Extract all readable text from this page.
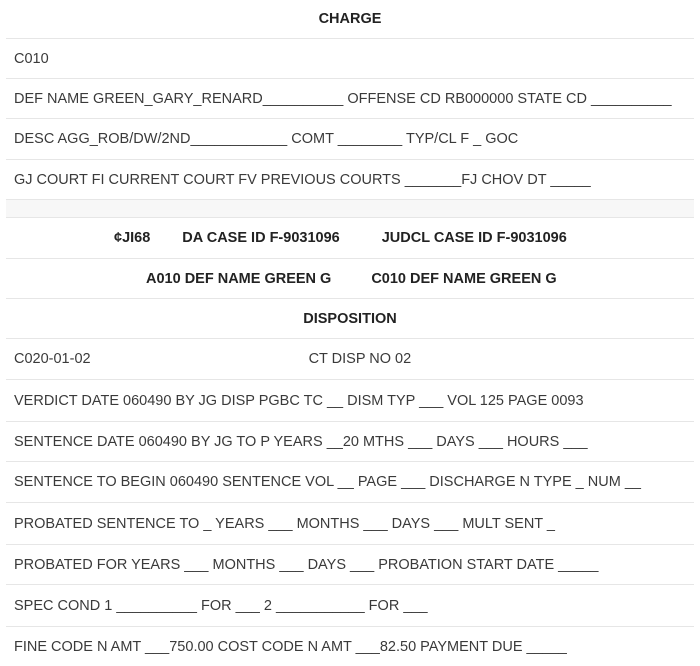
CHARGE
C010
DEF NAME GREEN_GARY_RENARD__________ OFFENSE CD RB000000 STATE CD __________
DESC AGG_ROB/DW/2ND____________ COMT ________ TYP/CL F _ GOC
GJ COURT FI CURRENT COURT FV PREVIOUS COURTS _______FJ CHOV DT _____
¢JI68 DA CASE ID F-9031096	JUDCL CASE ID F-9031096
A010 DEF NAME GREEN G	C010 DEF NAME GREEN G
DISPOSITION
C020-01-02	CT DISP NO 02
VERDICT DATE 060490 BY JG DISP PGBC TC __ DISM TYP ___ VOL 125 PAGE 0093
SENTENCE DATE 060490 BY JG TO P YEARS __20 MTHS ___ DAYS ___ HOURS ___
SENTENCE TO BEGIN 060490 SENTENCE VOL __ PAGE ___ DISCHARGE N TYPE _ NUM __
PROBATED SENTENCE TO _ YEARS ___ MONTHS ___ DAYS ___ MULT SENT _
PROBATED FOR YEARS ___ MONTHS ___ DAYS ___ PROBATION START DATE _____
SPEC COND 1 __________ FOR ___ 2 ___________ FOR ___
FINE CODE N AMT ___750.00 COST CODE N AMT ___82.50 PAYMENT DUE _____
